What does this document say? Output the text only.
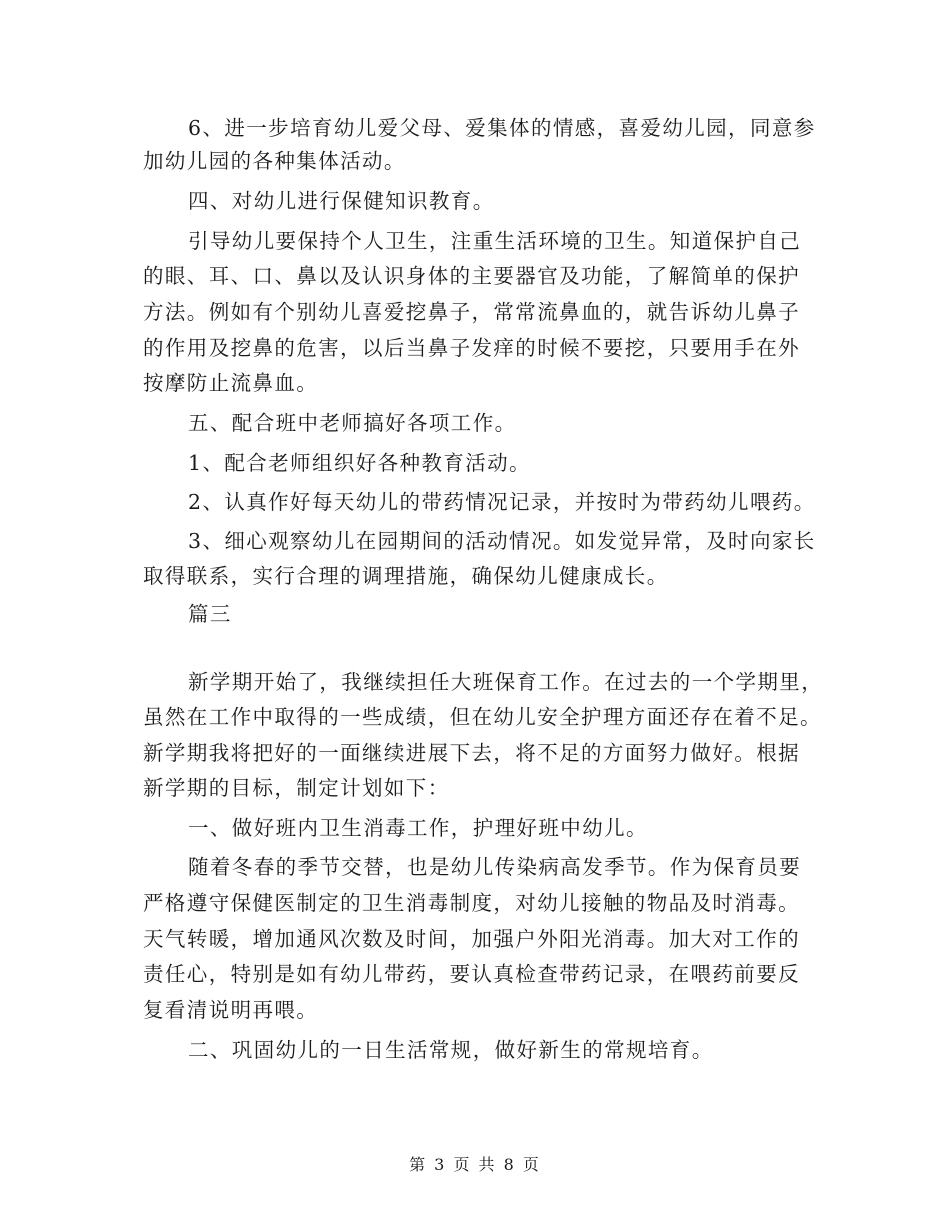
6、进一步培育幼儿爱父母、爱集体的情感，喜爱幼儿园，同意参
加幼儿园的各种集体活动。
四、对幼儿进行保健知识教育。
引导幼儿要保持个人卫生，注重生活环境的卫生。知道保护自己
的眼、耳、口、鼻以及认识身体的主要器官及功能，了解简单的保护
方法。例如有个别幼儿喜爱挖鼻子，常常流鼻血的，就告诉幼儿鼻子
的作用及挖鼻的危害，以后当鼻子发痒的时候不要挖，只要用手在外
按摩防止流鼻血。
五、配合班中老师搞好各项工作。
1、配合老师组织好各种教育活动。
2、认真作好每天幼儿的带药情况记录，并按时为带药幼儿喂药。
3、细心观察幼儿在园期间的活动情况。如发觉异常，及时向家长
取得联系，实行合理的调理措施，确保幼儿健康成长。
篇三
新学期开始了，我继续担任大班保育工作。在过去的一个学期里，
虽然在工作中取得的一些成绩，但在幼儿安全护理方面还存在着不足。
新学期我将把好的一面继续进展下去，将不足的方面努力做好。根据
新学期的目标，制定计划如下：
一、做好班内卫生消毒工作，护理好班中幼儿。
随着冬春的季节交替，也是幼儿传染病高发季节。作为保育员要
严格遵守保健医制定的卫生消毒制度，对幼儿接触的物品及时消毒。
天气转暖，增加通风次数及时间，加强户外阳光消毒。加大对工作的
责任心，特别是如有幼儿带药，要认真检查带药记录，在喂药前要反
复看清说明再喂。
二、巩固幼儿的一日生活常规，做好新生的常规培育。
第 3 页 共 8 页
